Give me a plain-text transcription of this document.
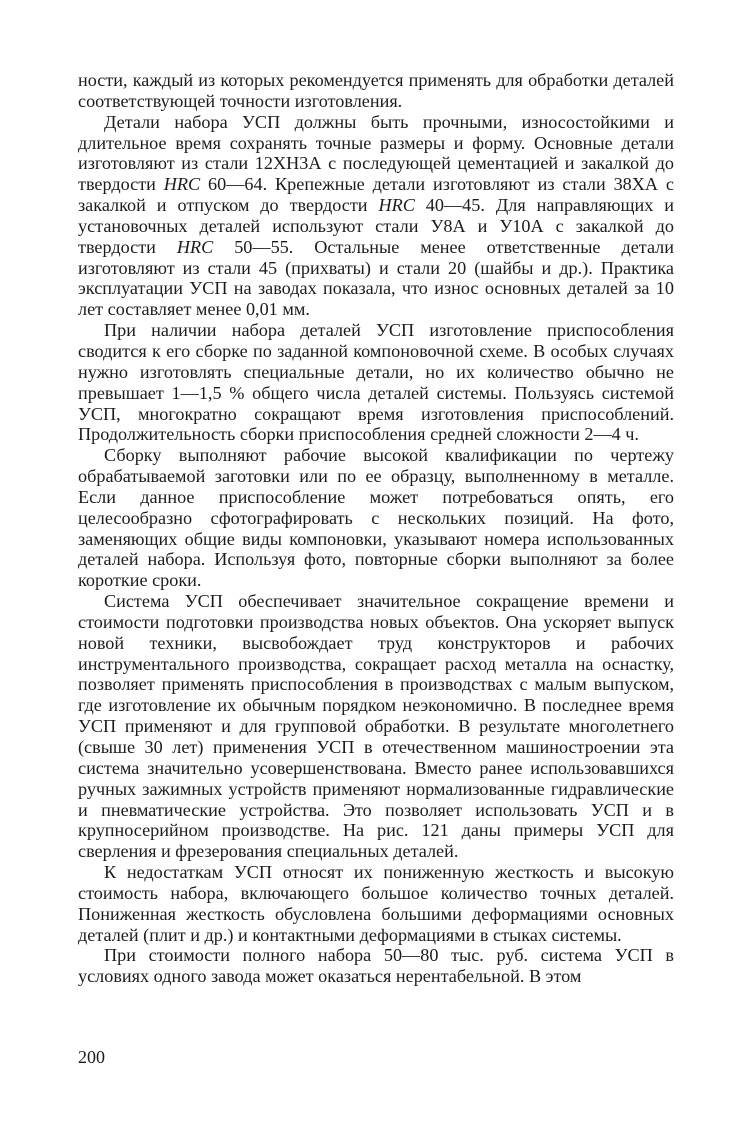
ности, каждый из которых рекомендуется применять для обработки деталей соответствующей точности изготовления.

Детали набора УСП должны быть прочными, износостойкими и длительное время сохранять точные размеры и форму. Основные детали изготовляют из стали 12ХН3А с последующей цементацией и закалкой до твердости HRC 60—64. Крепежные детали изготовляют из стали 38ХА с закалкой и отпуском до твердости HRC 40—45. Для направляющих и установочных деталей используют стали У8А и У10А с закалкой до твердости HRC 50—55. Остальные менее ответственные детали изготовляют из стали 45 (прихваты) и стали 20 (шайбы и др.). Практика эксплуатации УСП на заводах показала, что износ основных деталей за 10 лет составляет менее 0,01 мм.

При наличии набора деталей УСП изготовление приспособления сводится к его сборке по заданной компоновочной схеме. В особых случаях нужно изготовлять специальные детали, но их количество обычно не превышает 1—1,5 % общего числа деталей системы. Пользуясь системой УСП, многократно сокращают время изготовления приспособлений. Продолжительность сборки приспособления средней сложности 2—4 ч.

Сборку выполняют рабочие высокой квалификации по чертежу обрабатываемой заготовки или по ее образцу, выполненному в металле. Если данное приспособление может потребоваться опять, его целесообразно сфотографировать с нескольких позиций. На фото, заменяющих общие виды компоновки, указывают номера использованных деталей набора. Используя фото, повторные сборки выполняют за более короткие сроки.

Система УСП обеспечивает значительное сокращение времени и стоимости подготовки производства новых объектов. Она ускоряет выпуск новой техники, высвобождает труд конструкторов и рабочих инструментального производства, сокращает расход металла на оснастку, позволяет применять приспособления в производствах с малым выпуском, где изготовление их обычным порядком неэкономично. В последнее время УСП применяют и для групповой обработки. В результате многолетнего (свыше 30 лет) применения УСП в отечественном машиностроении эта система значительно усовершенствована. Вместо ранее использовавшихся ручных зажимных устройств применяют нормализованные гидравлические и пневматические устройства. Это позволяет использовать УСП и в крупносерийном производстве. На рис. 121 даны примеры УСП для сверления и фрезерования специальных деталей.

К недостаткам УСП относят их пониженную жесткость и высокую стоимость набора, включающего большое количество точных деталей. Пониженная жесткость обусловлена большими деформациями основных деталей (плит и др.) и контактными деформациями в стыках системы.

При стоимости полного набора 50—80 тыс. руб. система УСП в условиях одного завода может оказаться нерентабельной. В этом

200
